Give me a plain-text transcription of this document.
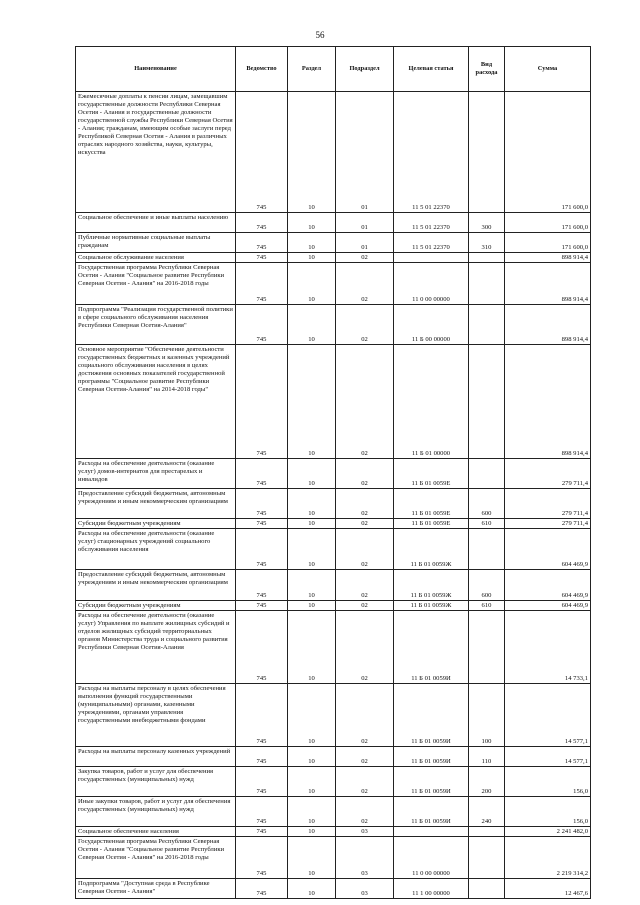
56
Наименование	Ведомство	Раздел	Подраздел	Целевая статья	Вид расхода	Сумма
Ежемесячные доплаты к пенсии лицам, замещавшим государственные должности Республики Северная Осетия - Алания и государственные должности государственной службы Республики Северная Осетия - Алания; гражданам, имеющим особые заслуги перед Республикой Северная Осетия - Алания в различных отраслях народного хозяйства, науки, культуры, искусства	745	10	01	11 5 01 22370		171 600,0
Социальное обеспечение и иные выплаты населению	745	10	01	11 5 01 22370	300	171 600,0
Публичные нормативные социальные выплаты гражданам	745	10	01	11 5 01 22370	310	171 600,0
Социальное обслуживание населения	745	10	02			898 914,4
Государственная программа Республики Северная Осетия - Алания "Социальное развитие Республики Северная Осетия - Алания" на 2016-2018 годы	745	10	02	11 0 00 00000		898 914,4
Подпрограмма "Реализация государственной политики в сфере социального обслуживания населения Республики Северная Осетия-Алания"	745	10	02	11 Б 00 00000		898 914,4
Основное мероприятие "Обеспечение деятельности государственных бюджетных и казенных учреждений социального обслуживания населения в целях достижения основных показателей государственной программы "Социальное развитие Республики Северная Осетия-Алания" на 2014-2018 годы"	745	10	02	11 Б 01 00000		898 914,4
Расходы на обеспечение деятельности (оказание услуг) домов-интернатов для престарелых и инвалидов	745	10	02	11 Б 01 0059Е		279 711,4
Предоставление субсидий бюджетным, автономным учреждениям и иным некоммерческим организациям	745	10	02	11 Б 01 0059Е	600	279 711,4
Субсидии бюджетным учреждениям	745	10	02	11 Б 01 0059Е	610	279 711,4
Расходы на обеспечение деятельности (оказание услуг) стационарных учреждений социального обслуживания населения	745	10	02	11 Б 01 0059Ж		604 469,9
Предоставление субсидий бюджетным, автономным учреждениям и иным некоммерческим организациям	745	10	02	11 Б 01 0059Ж	600	604 469,9
Субсидии бюджетным учреждениям	745	10	02	11 Б 01 0059Ж	610	604 469,9
Расходы на обеспечение деятельности (оказание услуг) Управления по выплате жилищных субсидий и отделов жилищных субсидий территориальных органов Министерства труда и социального развития Республики Северная Осетия-Алания	745	10	02	11 Б 01 0059И		14 733,1
Расходы на выплаты персоналу в целях обеспечения выполнения функций государственными (муниципальными) органами, казенными учреждениями, органами управления государственными внебюджетными фондами	745	10	02	11 Б 01 0059И	100	14 577,1
Расходы на выплаты персоналу казенных учреждений	745	10	02	11 Б 01 0059И	110	14 577,1
Закупка товаров, работ и услуг для обеспечения государственных (муниципальных) нужд	745	10	02	11 Б 01 0059И	200	156,0
Иные закупки товаров, работ и услуг для обеспечения государственных (муниципальных) нужд	745	10	02	11 Б 01 0059И	240	156,0
Социальное обеспечение населения	745	10	03			2 241 482,0
Государственная программа Республики Северная Осетия - Алания "Социальное развитие Республики Северная Осетия - Алания" на 2016-2018 годы	745	10	03	11 0 00 00000		2 219 314,2
Подпрограмма "Доступная среда в Республике Северная Осетия - Алания"	745	10	03	11 1 00 00000		12 467,6
